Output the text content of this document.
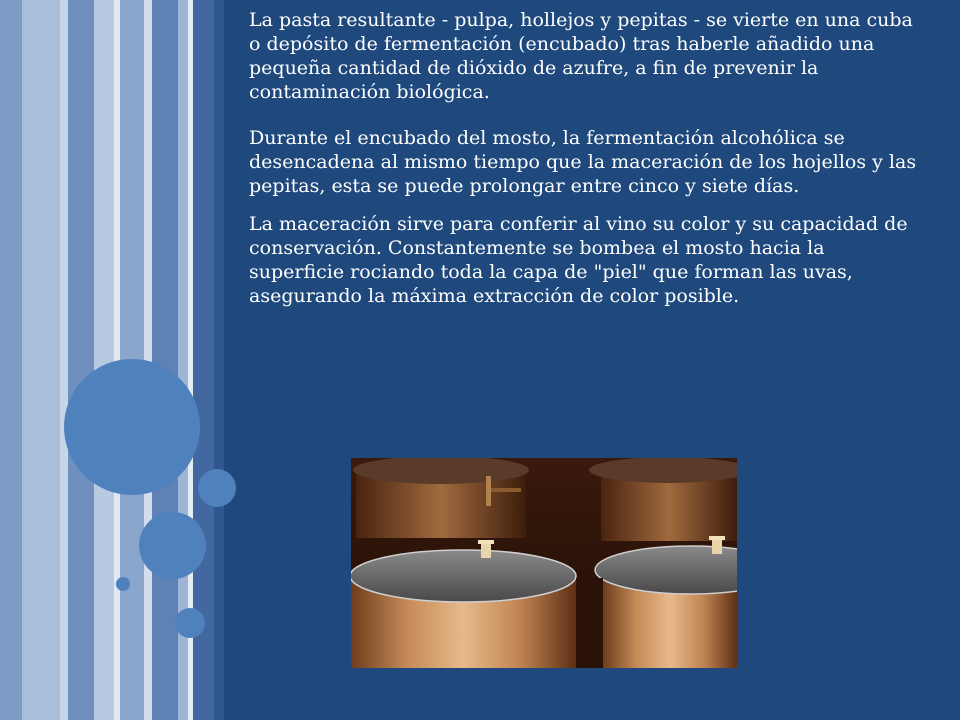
La pasta resultante - pulpa, hollejos y pepitas - se vierte en una cuba o depósito de fermentación (encubado) tras haberle añadido una pequeña cantidad de dióxido de azufre, a fin de prevenir la contaminación biológica.

Durante el encubado del mosto, la fermentación alcohólica se desencadena al mismo tiempo que la maceración de los hojellos y las pepitas, esta se puede prolongar entre cinco y siete días.

La maceración sirve para conferir al vino su color y su capacidad de conservación. Constantemente se bombea el mosto hacia la superficie rociando toda la capa de "piel" que forman las uvas, asegurando la máxima extracción de color posible.
